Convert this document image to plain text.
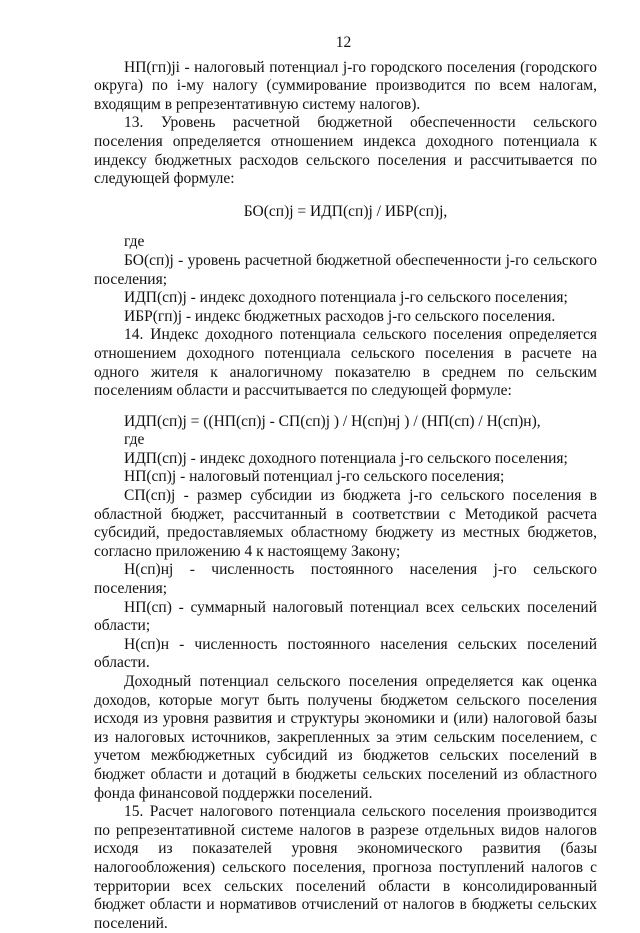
12

НП(гп)ji - налоговый потенциал j-го городского поселения (городского округа) по i-му налогу (суммирование производится по всем налогам, входящим в репрезентативную систему налогов).

13. Уровень расчетной бюджетной обеспеченности сельского поселения определяется отношением индекса доходного потенциала к индексу бюджетных расходов сельского поселения и рассчитывается по следующей формуле:

БО(сп)j = ИДП(сп)j / ИБР(сп)j,

где

БО(сп)j - уровень расчетной бюджетной обеспеченности j-го сельского поселения;

ИДП(сп)j - индекс доходного потенциала j-го сельского поселения;

ИБР(гп)j - индекс бюджетных расходов j-го сельского поселения.

14. Индекс доходного потенциала сельского поселения определяется отношением доходного потенциала сельского поселения в расчете на одного жителя к аналогичному показателю в среднем по сельским поселениям области и рассчитывается по следующей формуле:

ИДП(сп)j = ((НП(сп)j - СП(сп)j ) / Н(сп)нj ) / (НП(сп) / Н(сп)н),

где

ИДП(сп)j - индекс доходного потенциала j-го сельского поселения;

НП(сп)j - налоговый потенциал j-го сельского поселения;

СП(сп)j - размер субсидии из бюджета j-го сельского поселения в областной бюджет, рассчитанный в соответствии с Методикой расчета субсидий, предоставляемых областному бюджету из местных бюджетов, согласно приложению 4 к настоящему Закону;

Н(сп)нj - численность постоянного населения j-го сельского поселения;

НП(сп) - суммарный налоговый потенциал всех сельских поселений области;

Н(сп)н - численность постоянного населения сельских поселений области.

Доходный потенциал сельского поселения определяется как оценка доходов, которые могут быть получены бюджетом сельского поселения исходя из уровня развития и структуры экономики и (или) налоговой базы из налоговых источников, закрепленных за этим сельским поселением, с учетом межбюджетных субсидий из бюджетов сельских поселений в бюджет области и дотаций в бюджеты сельских поселений из областного фонда финансовой поддержки поселений.

15. Расчет налогового потенциала сельского поселения производится по репрезентативной системе налогов в разрезе отдельных видов налогов исходя из показателей уровня экономического развития (базы налогообложения) сельского поселения, прогноза поступлений налогов с территории всех сельских поселений области в консолидированный бюджет области и нормативов отчислений от налогов в бюджеты сельских поселений.
